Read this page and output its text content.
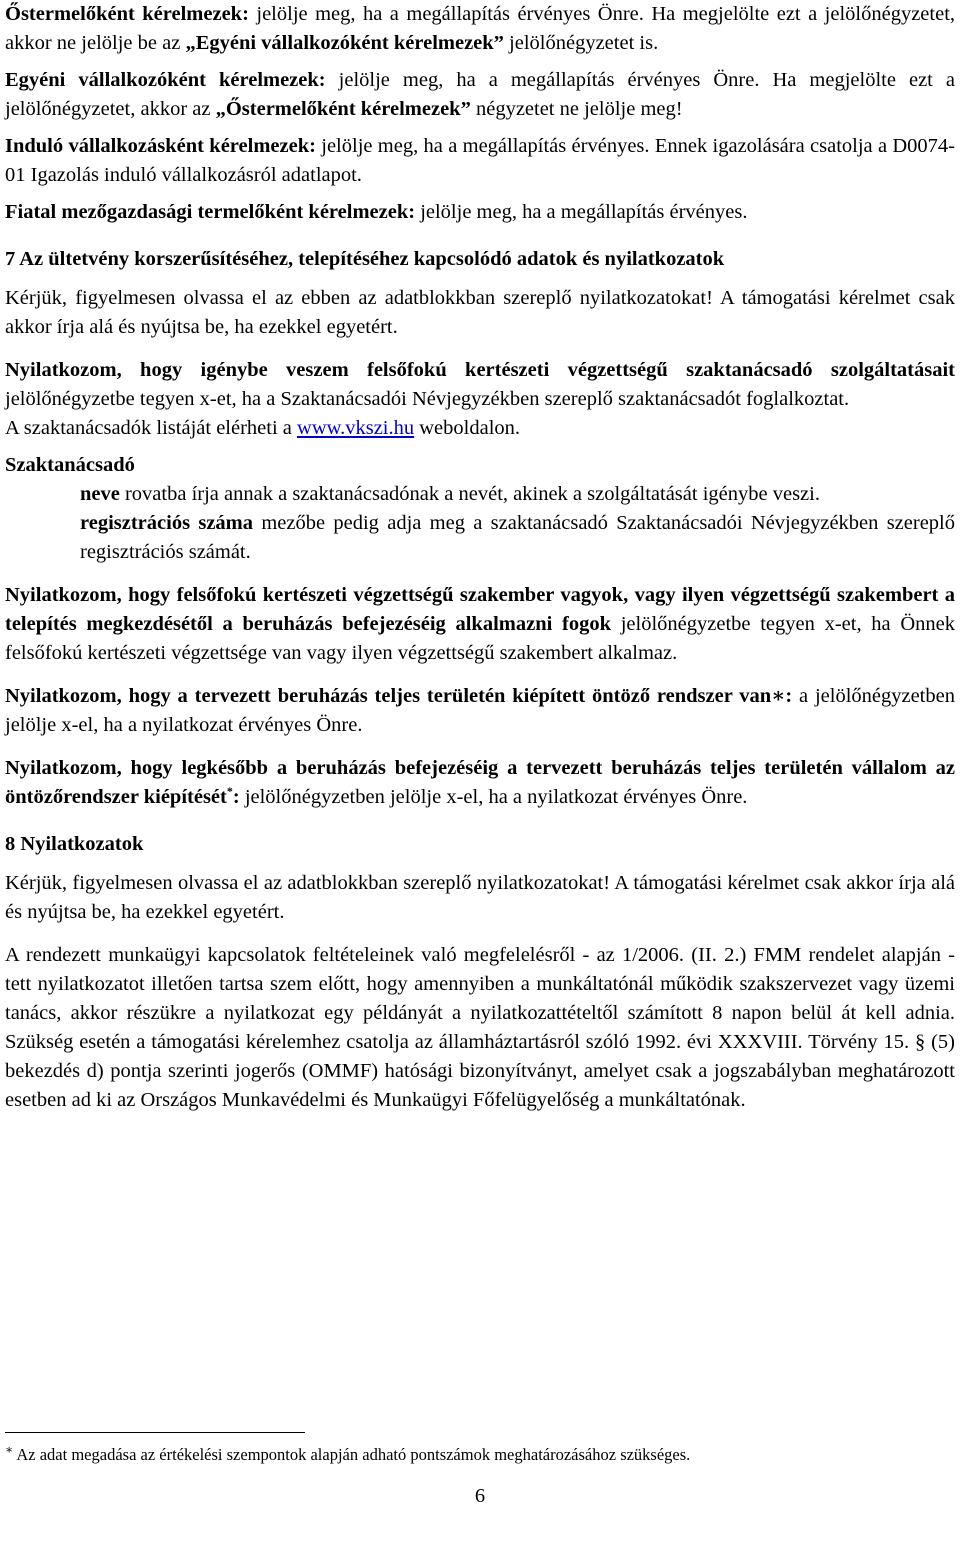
Őstermelőként kérelmezek: jelölje meg, ha a megállapítás érvényes Önre. Ha megjelölte ezt a jelölőnégyzetet, akkor ne jelölje be az „Egyéni vállalkozóként kérelmezek” jelölőnégyzetet is.

Egyéni vállalkozóként kérelmezek: jelölje meg, ha a megállapítás érvényes Önre. Ha megjelölte ezt a jelölőnégyzetet, akkor az „Őstermelőként kérelmezek” négyzetet ne jelölje meg!

Induló vállalkozásként kérelmezek: jelölje meg, ha a megállapítás érvényes. Ennek igazolására csatolja a D0074-01 Igazolás induló vállalkozásról adatlapot.

Fiatal mezőgazdasági termelőként kérelmezek: jelölje meg, ha a megállapítás érvényes.

7 Az ültetvény korszerűsítéséhez, telepítéséhez kapcsolódó adatok és nyilatkozatok

Kérjük, figyelmesen olvassa el az ebben az adatblokkban szereplő nyilatkozatokat! A támogatási kérelmet csak akkor írja alá és nyújtsa be, ha ezekkel egyetért.

Nyilatkozom, hogy igénybe veszem felsőfokú kertészeti végzettségű szaktanácsadó szolgáltatásait jelölőnégyzetbe tegyen x-et, ha a Szaktanácsadói Névjegyzékben szereplő szaktanácsadót foglalkoztat.

A szaktanácsadók listáját elérheti a www.vkszi.hu weboldalon.

Szaktanácsadó

neve rovatba írja annak a szaktanácsadónak a nevét, akinek a szolgáltatását igénybe veszi.

regisztrációs száma mezőbe pedig adja meg a szaktanácsadó Szaktanácsadói Névjegyzékben szereplő regisztrációs számát.

Nyilatkozom, hogy felsőfokú kertészeti végzettségű szakember vagyok, vagy ilyen végzettségű szakembert a telepítés megkezdésétől a beruházás befejezéséig alkalmazni fogok jelölőnégyzetbe tegyen x-et, ha Önnek felsőfokú kertészeti végzettsége van vagy ilyen végzettségű szakembert alkalmaz.

Nyilatkozom, hogy a tervezett beruházás teljes területén kiépített öntöző rendszer van∗: a jelölőnégyzetben jelölje x-el, ha a nyilatkozat érvényes Önre.

Nyilatkozom, hogy legkésőbb a beruházás befejezéséig a tervezett beruházás teljes területén vállalom az öntözőrendszer kiépítését*: jelölőnégyzetben jelölje x-el, ha a nyilatkozat érvényes Önre.

8 Nyilatkozatok

Kérjük, figyelmesen olvassa el az adatblokkban szereplő nyilatkozatokat! A támogatási kérelmet csak akkor írja alá és nyújtsa be, ha ezekkel egyetért.

A rendezett munkaügyi kapcsolatok feltételeinek való megfelelésről - az 1/2006. (II. 2.) FMM rendelet alapján - tett nyilatkozatot illetően tartsa szem előtt, hogy amennyiben a munkáltatónál működik szakszervezet vagy üzemi tanács, akkor részükre a nyilatkozat egy példányát a nyilatkozattételtől számított 8 napon belül át kell adnia. Szükség esetén a támogatási kérelemhez csatolja az államháztartásról szóló 1992. évi XXXVIII. Törvény 15. § (5) bekezdés d) pontja szerinti jogerős (OMMF) hatósági bizonyítványt, amelyet csak a jogszabályban meghatározott esetben ad ki az Országos Munkavédelmi és Munkaügyi Főfelügyelőség a munkáltatónak.

∗ Az adat megadása az értékelési szempontok alapján adható pontszámok meghatározásához szükséges.
6
